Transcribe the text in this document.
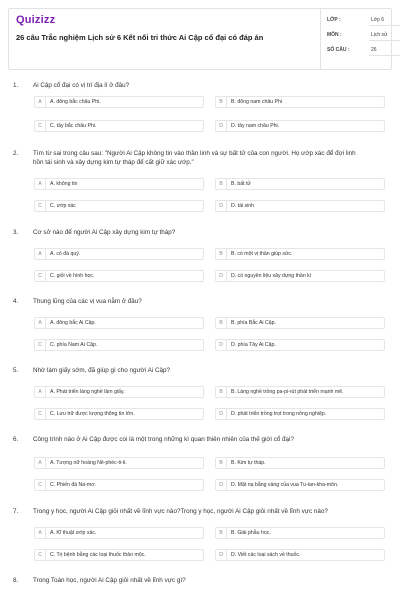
Quizizz
26 câu Trắc nghiệm Lịch sử 6 Kết nối tri thức Ai Cập cổ đại có đáp án
LỚP :	Lớp 6
MÔN :	Lịch sử
SỐ CÂU :	26
1. Ai Cập cổ đại có vị trí địa lí ở đâu?
A	A. đông bắc châu Phi.	B	B. đông nam châu Phi
C	C. tây bắc châu Phi.	D	D. tây nam châu Phi.
2. Tìm từ sai trong câu sau: "Người Ai Cập không tin vào thần linh và sự bất tử của con người. Họ ướp xác để đợi linh hồn tái sinh và xây dựng kim tự tháp để cất giữ xác ướp."
A	A. không tin	B	B. bất tử
C	C. ướp xác	D	D. tái sinh
3. Cơ sở nào để người Ai Cập xây dựng kim tự tháp?
A	A. có đá quý.	B	B. có một vị thần giúp sức.
C	C. giỏi về hình học.	D	D. có nguyên liệu xây dựng thần kì
4. Thung lũng của các vị vua nằm ở đâu?
A	A. đông bắc Ai Cập.	B	B. phía Bắc Ai Cập.
C	C. phía Nam Ai Cập.	D	D. phía Tây Ai Cập.
5. Nhờ làm giấy sớm, đã giúp gì cho người Ai Cập?
A	A. Phát triển làng nghề làm giấy.	B	B. Làng nghề trồng pa-pi-rút phát triển mạnh mẽ.
C	C. Lưu trữ được lượng thông tin lớn.	D	D. phát triển trồng trọt trong nông nghiệp.
6. Công trình nào ở Ai Cập được coi là một trong những kì quan thiên nhiên của thế giới cổ đại?
A	A. Tượng nữ hoàng Nê-phéc-ti-ti.	B	B. Kim tự tháp.
C	C. Phiến đá Na-mơ.	D	D. Mặt nạ bằng vàng của vua Tu-tan-kha-môn.
7. Trong y học, người Ai Cập giỏi nhất về lĩnh vực nào?Trong y học, người Ai Cập giỏi nhất về lĩnh vực nào?
A	A. Kĩ thuật ướp xác.	B	B. Giải phẫu học.
C	C. Trị bệnh bằng các loại thuốc thảo mộc.	D	D. Viết các loại sách về thuốc.
8. Trong Toán học, người Ai Cập giỏi nhất về lĩnh vực gì?
